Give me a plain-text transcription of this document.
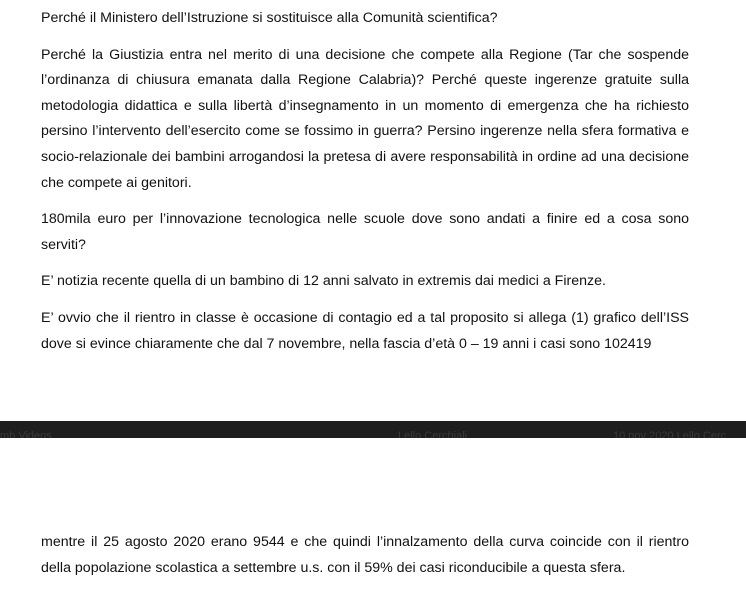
Perché il Ministero dell’Istruzione si sostituisce alla Comunità scientifica?

Perché la Giustizia entra nel merito di una decisione che compete alla Regione (Tar che sospende l’ordinanza di chiusura emanata dalla Regione Calabria)? Perché queste ingerenze gratuite sulla metodologia didattica e sulla libertà d’insegnamento in un momento di emergenza che ha richiesto persino l’intervento dell’esercito come se fossimo in guerra? Persino ingerenze nella sfera formativa e socio-relazionale dei bambini arrogandosi la pretesa di avere responsabilità in ordine ad una decisione che compete ai genitori.

180mila euro per l’innovazione tecnologica nelle scuole dove sono andati a finire ed a cosa sono serviti?

E’ notizia recente quella di un bambino di 12 anni salvato in extremis dai medici a Firenze.

E’ ovvio che il rientro in classe è occasione di contagio ed a tal proposito si allega (1) grafico dell’ISS dove si evince chiaramente che dal 7 novembre, nella fascia d’età 0 – 19 anni i casi sono 102419

mb Videos	Lello Cerchiali	10 nov 2020 Lello Cerc

mentre il 25 agosto 2020 erano 9544 e che quindi l’innalzamento della curva coincide con il rientro della popolazione scolastica a settembre u.s. con il 59% dei casi riconducibile a questa sfera.
